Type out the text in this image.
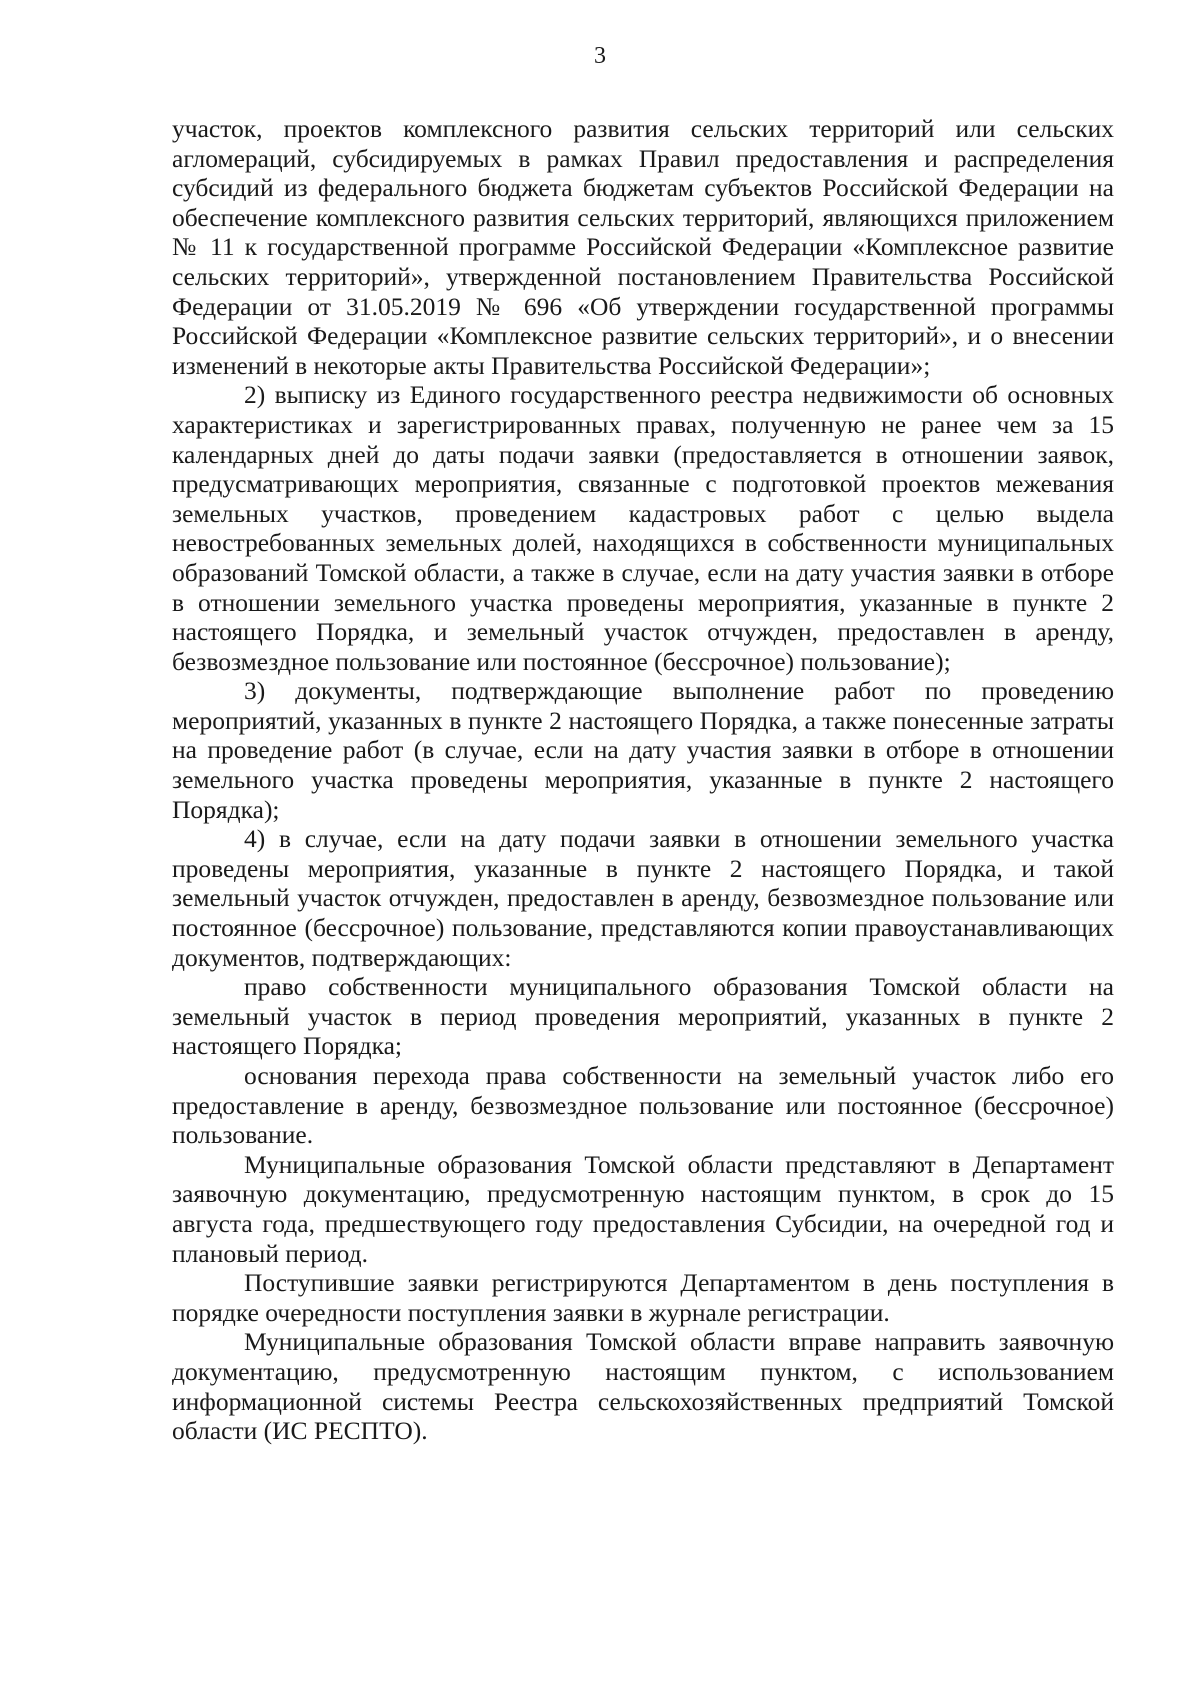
3

участок, проектов комплексного развития сельских территорий или сельских агломераций, субсидируемых в рамках Правил предоставления и распределения субсидий из федерального бюджета бюджетам субъектов Российской Федерации на обеспечение комплексного развития сельских территорий, являющихся приложением № 11 к государственной программе Российской Федерации «Комплексное развитие сельских территорий», утвержденной постановлением Правительства Российской Федерации от 31.05.2019 № 696 «Об утверждении государственной программы Российской Федерации «Комплексное развитие сельских территорий», и о внесении изменений в некоторые акты Правительства Российской Федерации»;

2) выписку из Единого государственного реестра недвижимости об основных характеристиках и зарегистрированных правах, полученную не ранее чем за 15 календарных дней до даты подачи заявки (предоставляется в отношении заявок, предусматривающих мероприятия, связанные с подготовкой проектов межевания земельных участков, проведением кадастровых работ с целью выдела невостребованных земельных долей, находящихся в собственности муниципальных образований Томской области, а также в случае, если на дату участия заявки в отборе в отношении земельного участка проведены мероприятия, указанные в пункте 2 настоящего Порядка, и земельный участок отчужден, предоставлен в аренду, безвозмездное пользование или постоянное (бессрочное) пользование);

3) документы, подтверждающие выполнение работ по проведению мероприятий, указанных в пункте 2 настоящего Порядка, а также понесенные затраты на проведение работ (в случае, если на дату участия заявки в отборе в отношении земельного участка проведены мероприятия, указанные в пункте 2 настоящего Порядка);

4) в случае, если на дату подачи заявки в отношении земельного участка проведены мероприятия, указанные в пункте 2 настоящего Порядка, и такой земельный участок отчужден, предоставлен в аренду, безвозмездное пользование или постоянное (бессрочное) пользование, представляются копии правоустанавливающих документов, подтверждающих:

право собственности муниципального образования Томской области на земельный участок в период проведения мероприятий, указанных в пункте 2 настоящего Порядка;

основания перехода права собственности на земельный участок либо его предоставление в аренду, безвозмездное пользование или постоянное (бессрочное) пользование.

Муниципальные образования Томской области представляют в Департамент заявочную документацию, предусмотренную настоящим пунктом, в срок до 15 августа года, предшествующего году предоставления Субсидии, на очередной год и плановый период.

Поступившие заявки регистрируются Департаментом в день поступления в порядке очередности поступления заявки в журнале регистрации.

Муниципальные образования Томской области вправе направить заявочную документацию, предусмотренную настоящим пунктом, с использованием информационной системы Реестра сельскохозяйственных предприятий Томской области (ИС РЕСПТО).
